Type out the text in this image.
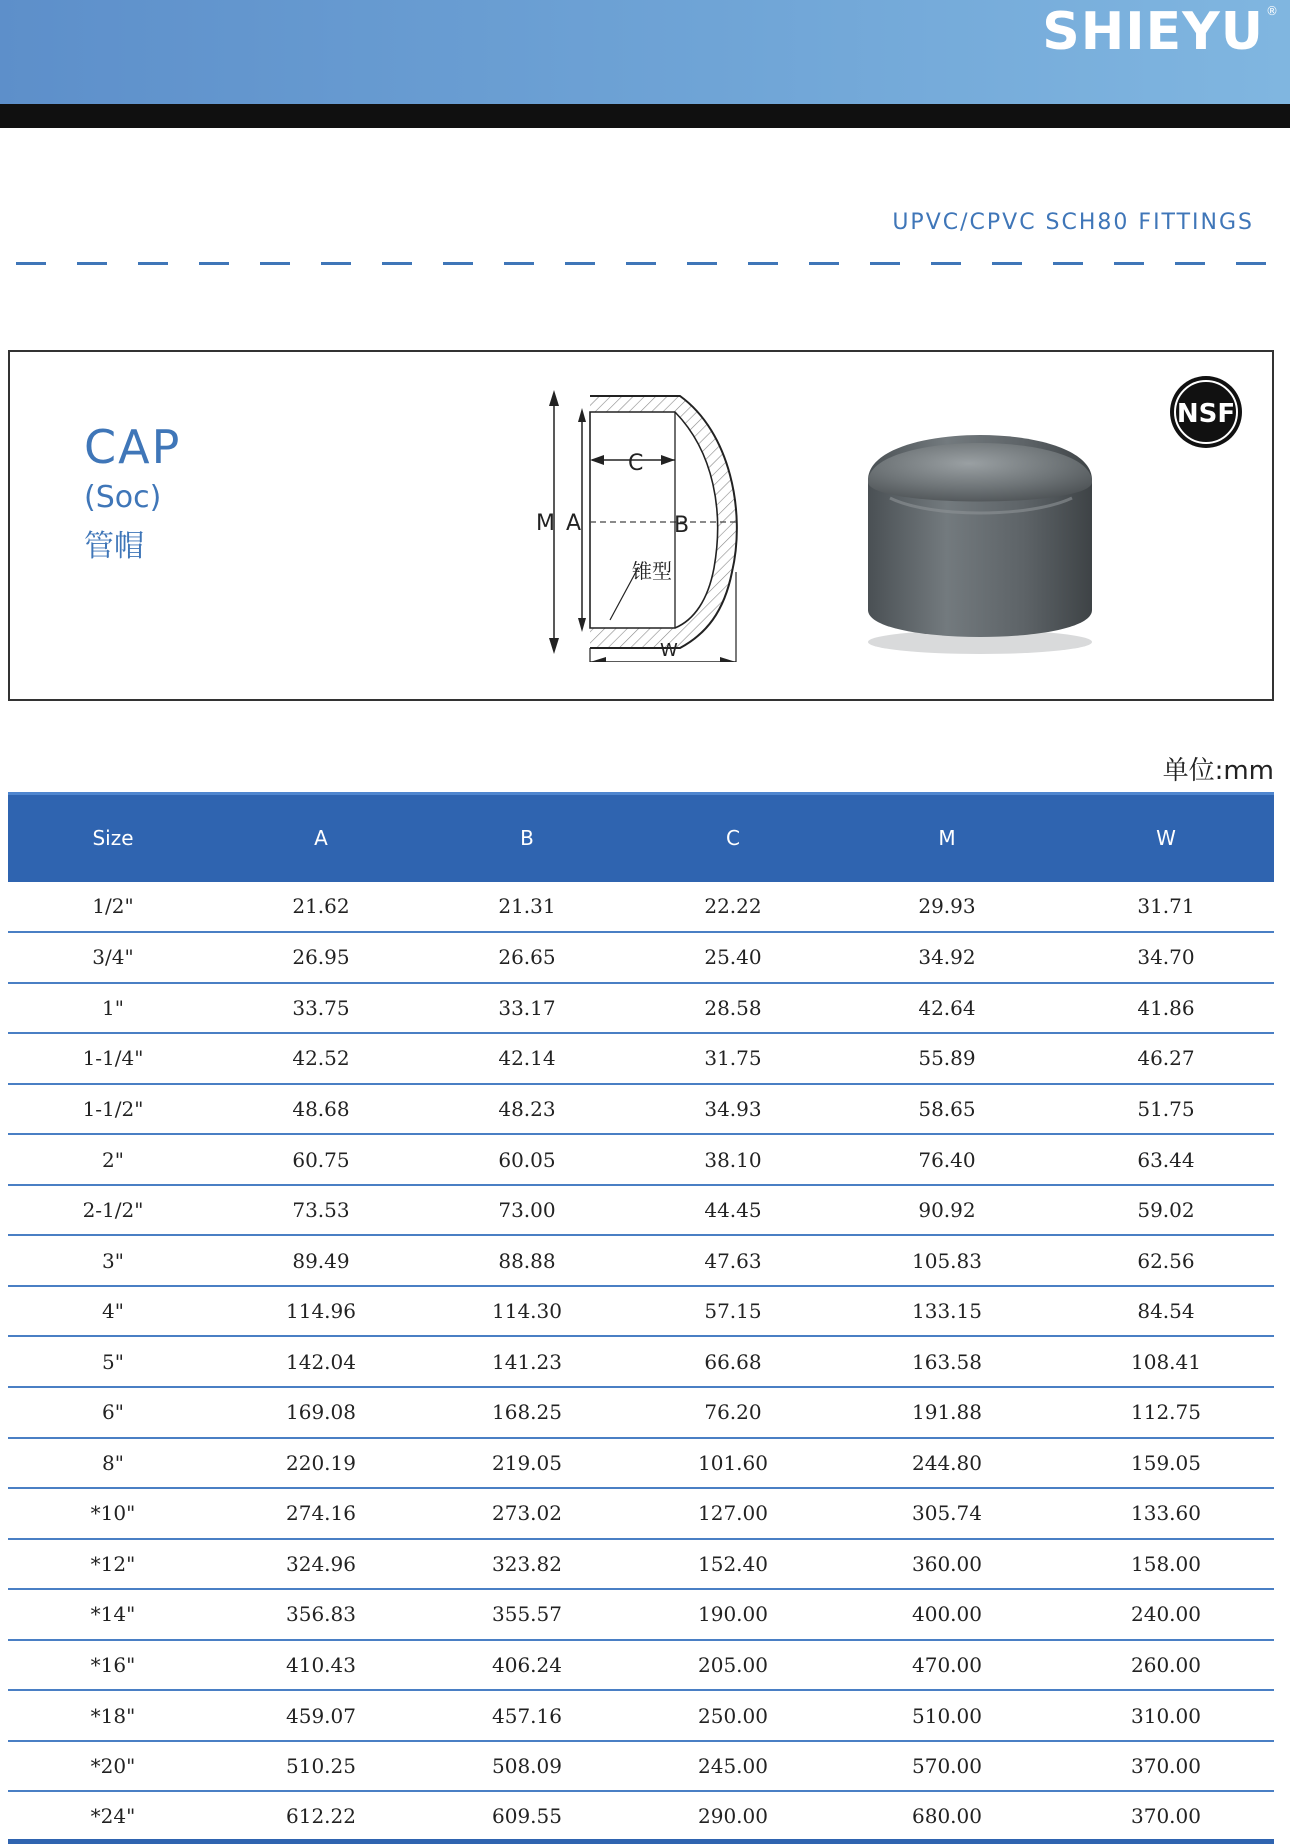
SHIEYU ®
UPVC/CPVC SCH80 FITTINGS
CAP
(Soc)
管帽
C
M A	B
锥型
W
NSF
单位:mm
Size	A	B	C	M	W
1/2"	21.62	21.31	22.22	29.93	31.71
3/4"	26.95	26.65	25.40	34.92	34.70
1"	33.75	33.17	28.58	42.64	41.86
1-1/4"	42.52	42.14	31.75	55.89	46.27
1-1/2"	48.68	48.23	34.93	58.65	51.75
2"	60.75	60.05	38.10	76.40	63.44
2-1/2"	73.53	73.00	44.45	90.92	59.02
3"	89.49	88.88	47.63	105.83	62.56
4"	114.96	114.30	57.15	133.15	84.54
5"	142.04	141.23	66.68	163.58	108.41
6"	169.08	168.25	76.20	191.88	112.75
8"	220.19	219.05	101.60	244.80	159.05
*10"	274.16	273.02	127.00	305.74	133.60
*12"	324.96	323.82	152.40	360.00	158.00
*14"	356.83	355.57	190.00	400.00	240.00
*16"	410.43	406.24	205.00	470.00	260.00
*18"	459.07	457.16	250.00	510.00	310.00
*20"	510.25	508.09	245.00	570.00	370.00
*24"	612.22	609.55	290.00	680.00	370.00
